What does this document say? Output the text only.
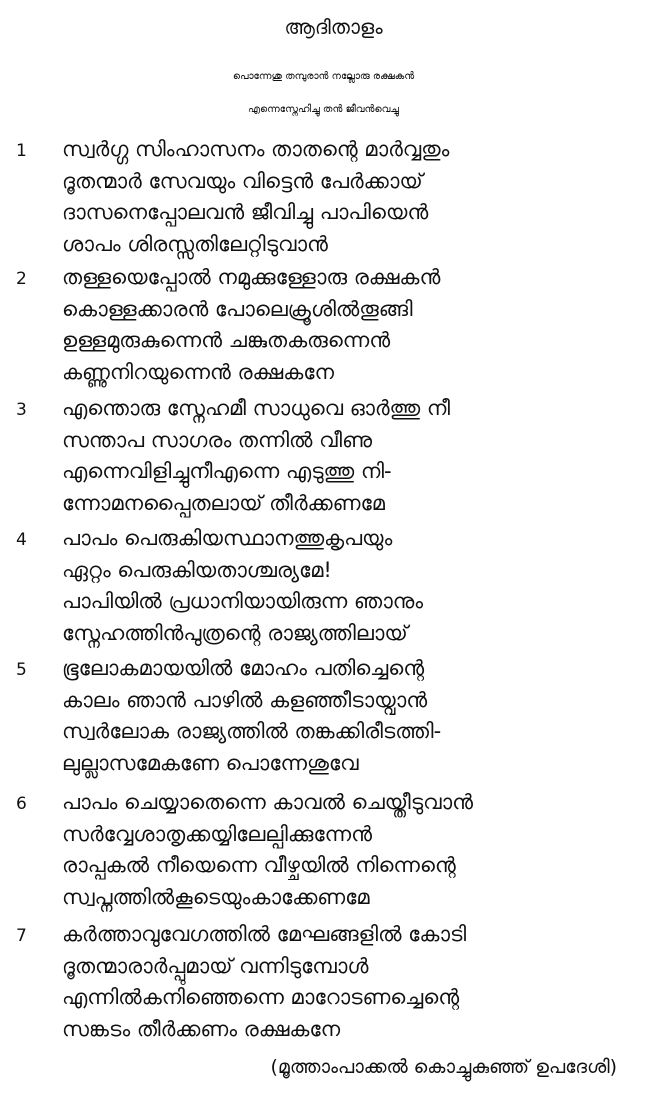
ആദിതാളം
പൊന്നേശു തമ്പുരാൻ നല്ലോരു രക്ഷകൻ
എന്നെസ്നേഹിച്ചു തൻ ജീവൻവെച്ചു
1	സ്വർഗ്ഗ സിംഹാസനം താതന്റെ മാർവ്വതും
ദൂതന്മാർ സേവയും വിട്ടെൻ പേർക്കായ്
ദാസനെപ്പോലവൻ ജീവിച്ചു പാപിയെൻ
ശാപം ശിരസ്സതിലേറ്റിടുവാൻ
2	തള്ളയെപ്പോൽ നമുക്കുള്ളോരു രക്ഷകൻ
കൊള്ളക്കാരൻ പോലെക്രൂശിൽതൂങ്ങി
ഉള്ളമുരുകുന്നെൻ ചങ്കുതകരുന്നെൻ
കണ്ണുനിറയുന്നെൻ രക്ഷകനേ
3	എന്തൊരു സ്നേഹമീ സാധുവെ ഓർത്തു നീ
സന്താപ സാഗരം തന്നിൽ വീണു
എന്നെവിളിച്ചുനീഎന്നെ എടുത്തു നി-
ന്നോമനപ്പൈതലായ് തീർക്കണമേ
4	പാപം പെരുകിയസ്ഥാനത്തുകൃപയും
ഏറ്റം പെരുകിയതാശ്ചര്യമേ!
പാപിയിൽ പ്രധാനിയായിരുന്ന ഞാനും
സ്നേഹത്തിൻപുത്രന്റെ രാജ്യത്തിലായ്
5	ഭൂലോകമായയിൽ മോഹം പതിച്ചെന്റെ
കാലം ഞാൻ പാഴിൽ കളഞ്ഞീടായ്വാൻ
സ്വർലോക രാജ്യത്തിൽ തങ്കക്കിരീടത്തി-
ലുല്ലാസമേകണേ പൊന്നേശുവേ
6	പാപം ചെയ്യാതെന്നെ കാവൽ ചെയ്തീടുവാൻ
സർവ്വേശാതൃക്കയ്യിലേല്പിക്കുന്നേൻ
രാപ്പകൽ നീയെന്നെ വീഴ്ചയിൽ നിന്നെന്റെ
സ്വപ്നത്തിൽകൂടെയുംകാക്കേണമേ
7	കർത്താവുവേഗത്തിൽ മേഘങ്ങളിൽ കോടി
ദൂതന്മാരാർപ്പുമായ് വന്നിടുമ്പോൾ
എന്നിൽകനിഞ്ഞെന്നെ മാറോടണച്ചെന്റെ
സങ്കടം തീർക്കണം രക്ഷകനേ
(മൂത്താംപാക്കൽ കൊച്ചുകുഞ്ഞ് ഉപദേശി)
